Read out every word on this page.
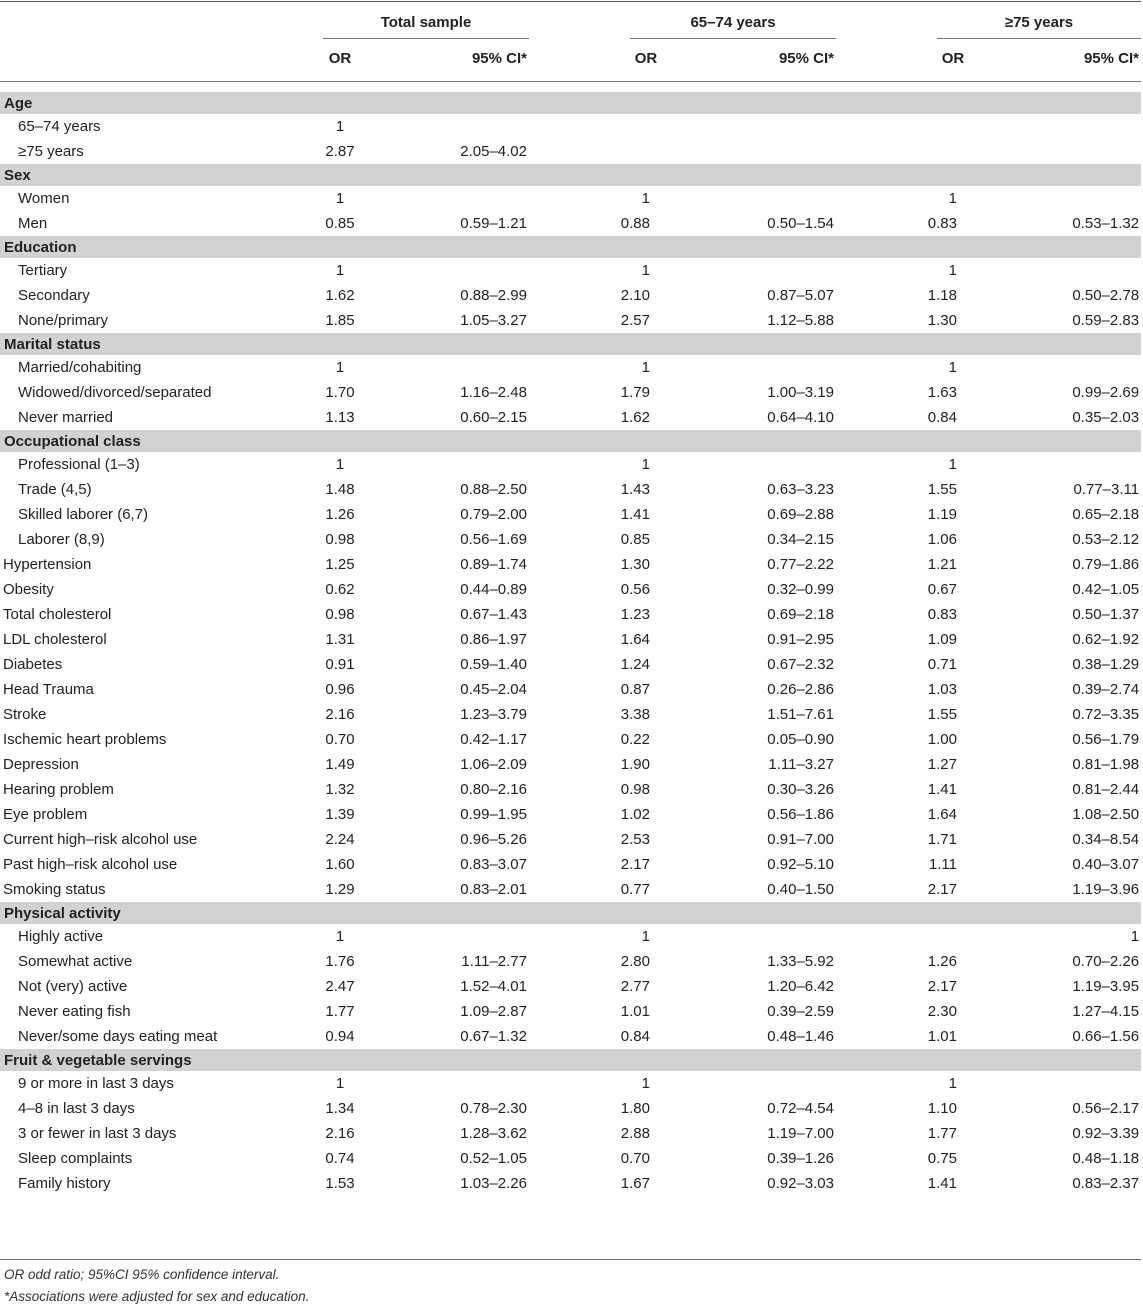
Total sample	65–74 years	≥75 years
OR	95% CI*	OR	95% CI*	OR	95% CI*
Age						
65–74 years	1					
≥75 years	2.87	2.05–4.02				
Sex						
Women	1		1		1	
Men	0.85	0.59–1.21	0.88	0.50–1.54	0.83	0.53–1.32
Education						
Tertiary	1		1		1	
Secondary	1.62	0.88–2.99	2.10	0.87–5.07	1.18	0.50–2.78
None/primary	1.85	1.05–3.27	2.57	1.12–5.88	1.30	0.59–2.83
Marital status						
Married/cohabiting	1		1		1	
Widowed/divorced/separated	1.70	1.16–2.48	1.79	1.00–3.19	1.63	0.99–2.69
Never married	1.13	0.60–2.15	1.62	0.64–4.10	0.84	0.35–2.03
Occupational class						
Professional (1–3)	1		1		1	
Trade (4,5)	1.48	0.88–2.50	1.43	0.63–3.23	1.55	0.77–3.11
Skilled laborer (6,7)	1.26	0.79–2.00	1.41	0.69–2.88	1.19	0.65–2.18
Laborer (8,9)	0.98	0.56–1.69	0.85	0.34–2.15	1.06	0.53–2.12
Hypertension	1.25	0.89–1.74	1.30	0.77–2.22	1.21	0.79–1.86
Obesity	0.62	0.44–0.89	0.56	0.32–0.99	0.67	0.42–1.05
Total cholesterol	0.98	0.67–1.43	1.23	0.69–2.18	0.83	0.50–1.37
LDL cholesterol	1.31	0.86–1.97	1.64	0.91–2.95	1.09	0.62–1.92
Diabetes	0.91	0.59–1.40	1.24	0.67–2.32	0.71	0.38–1.29
Head Trauma	0.96	0.45–2.04	0.87	0.26–2.86	1.03	0.39–2.74
Stroke	2.16	1.23–3.79	3.38	1.51–7.61	1.55	0.72–3.35
Ischemic heart problems	0.70	0.42–1.17	0.22	0.05–0.90	1.00	0.56–1.79
Depression	1.49	1.06–2.09	1.90	1.11–3.27	1.27	0.81–1.98
Hearing problem	1.32	0.80–2.16	0.98	0.30–3.26	1.41	0.81–2.44
Eye problem	1.39	0.99–1.95	1.02	0.56–1.86	1.64	1.08–2.50
Current high–risk alcohol use	2.24	0.96–5.26	2.53	0.91–7.00	1.71	0.34–8.54
Past high–risk alcohol use	1.60	0.83–3.07	2.17	0.92–5.10	1.11	0.40–3.07
Smoking status	1.29	0.83–2.01	0.77	0.40–1.50	2.17	1.19–3.96
Physical activity						
Highly active	1		1			1
Somewhat active	1.76	1.11–2.77	2.80	1.33–5.92	1.26	0.70–2.26
Not (very) active	2.47	1.52–4.01	2.77	1.20–6.42	2.17	1.19–3.95
Never eating fish	1.77	1.09–2.87	1.01	0.39–2.59	2.30	1.27–4.15
Never/some days eating meat	0.94	0.67–1.32	0.84	0.48–1.46	1.01	0.66–1.56
Fruit & vegetable servings						
9 or more in last 3 days	1		1		1	
4–8 in last 3 days	1.34	0.78–2.30	1.80	0.72–4.54	1.10	0.56–2.17
3 or fewer in last 3 days	2.16	1.28–3.62	2.88	1.19–7.00	1.77	0.92–3.39
Sleep complaints	0.74	0.52–1.05	0.70	0.39–1.26	0.75	0.48–1.18
Family history	1.53	1.03–2.26	1.67	0.92–3.03	1.41	0.83–2.37
OR odd ratio; 95%CI 95% confidence interval.
*Associations were adjusted for sex and education.
